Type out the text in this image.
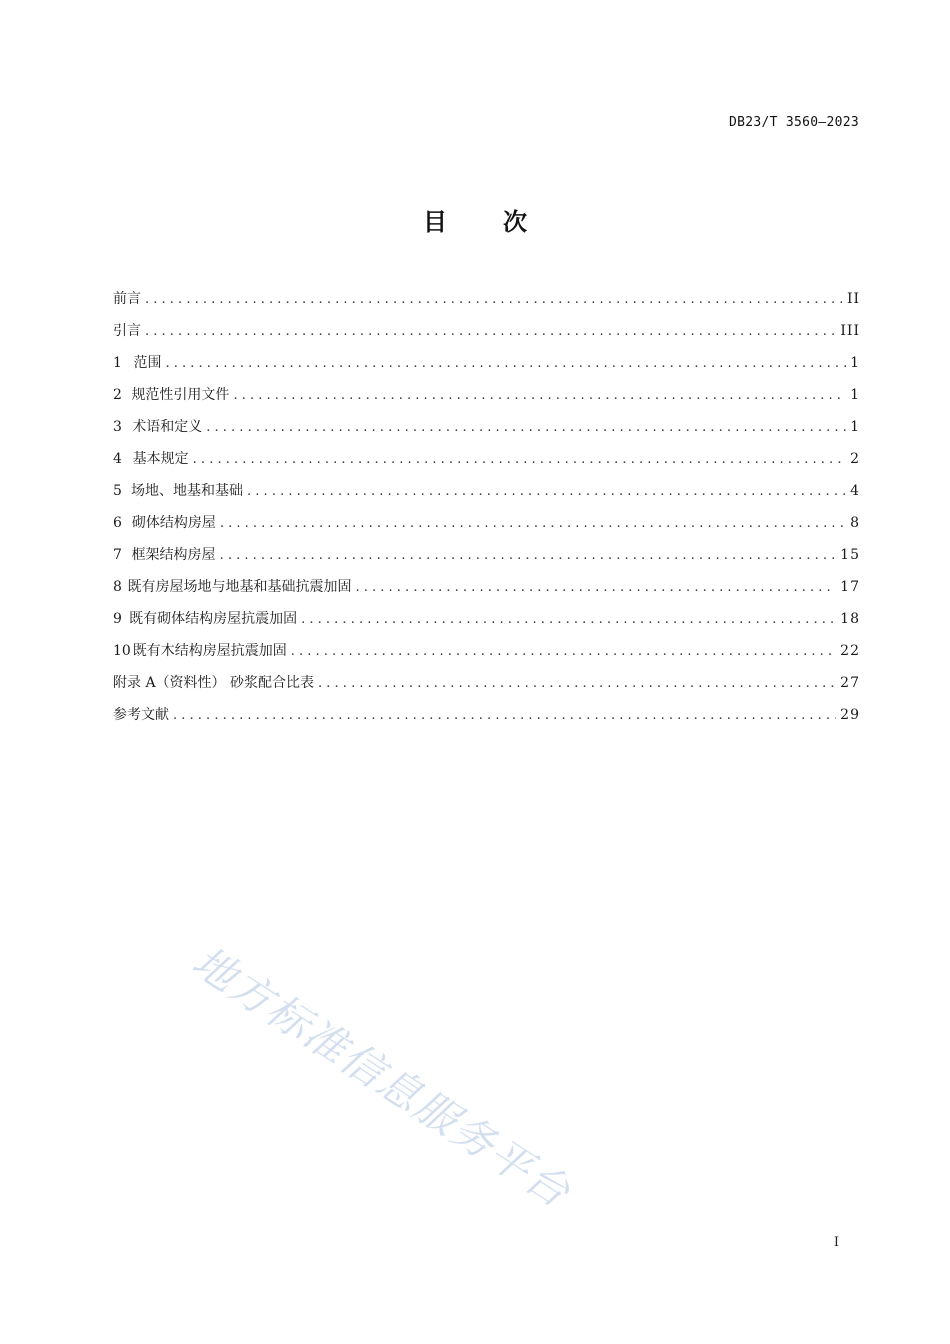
DB23/T 3560—2023
目次
前言 . . .	II
引言 . . .	III
1 范围 . . .	1
2 规范性引用文件 . . .	1
3 术语和定义 . . .	1
4 基本规定 . . .	2
5 场地、地基和基础 . . .	4
6 砌体结构房屋 . . .	8
7 框架结构房屋 . . .	15
8 既有房屋场地与地基和基础抗震加固 . . .	17
9 既有砌体结构房屋抗震加固 . . .	18
10 既有木结构房屋抗震加固 . . .	22
附录 A（资料性） 砂浆配合比表 . . .	27
参考文献 . . .	29
地方标准信息服务平台
I
